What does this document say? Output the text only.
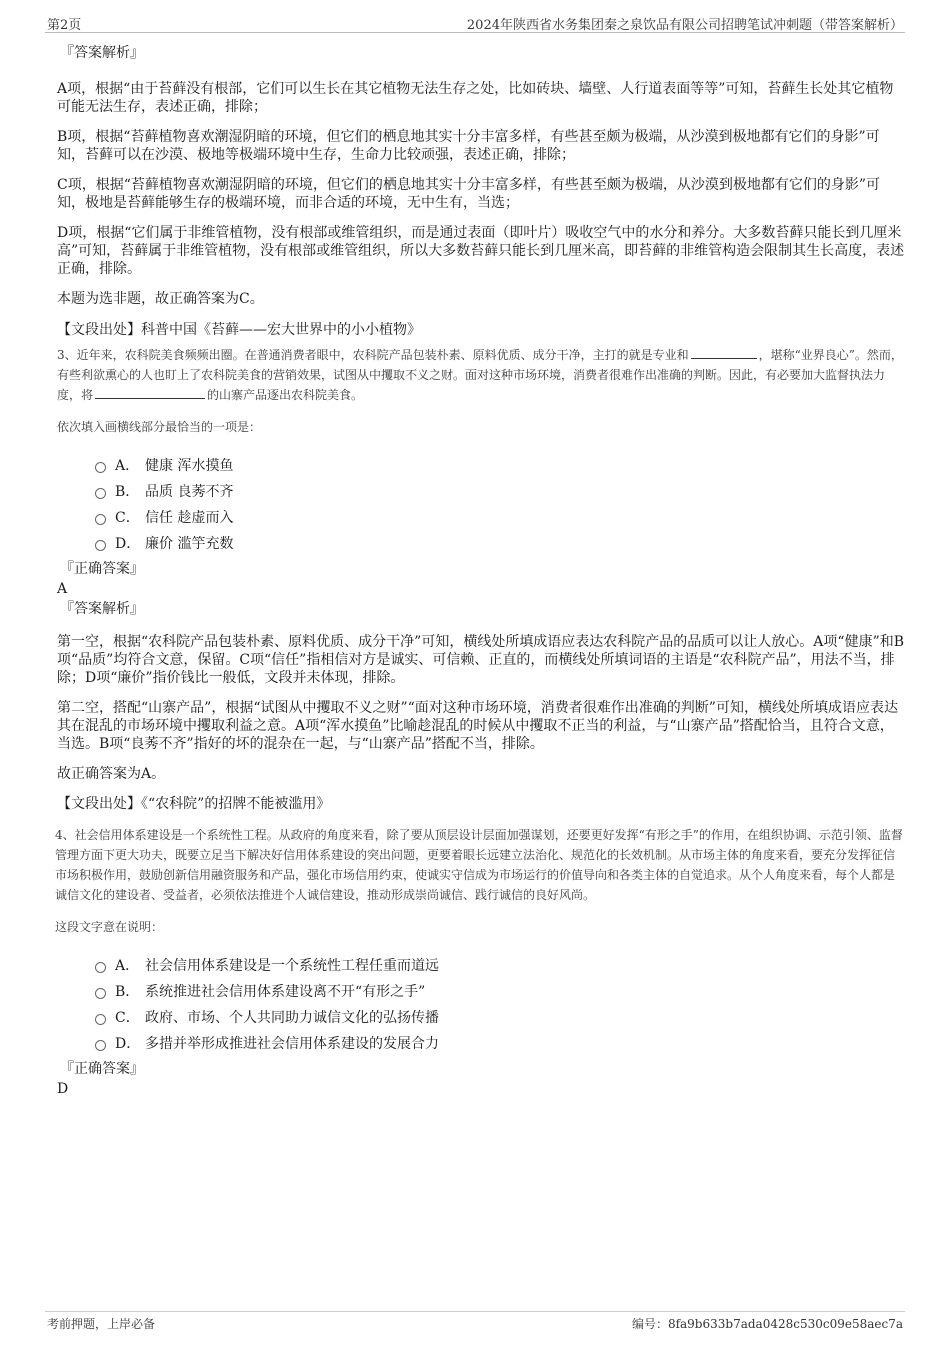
第2页	2024年陕西省水务集团秦之泉饮品有限公司招聘笔试冲刺题（带答案解析）

『答案解析』

A项，根据“由于苔藓没有根部，它们可以生长在其它植物无法生存之处，比如砖块、墙壁、人行道表面等等”可知，苔藓生长处其它植物可能无法生存，表述正确，排除；

B项，根据“苔藓植物喜欢潮湿阴暗的环境，但它们的栖息地其实十分丰富多样，有些甚至颇为极端，从沙漠到极地都有它们的身影”可知，苔藓可以在沙漠、极地等极端环境中生存，生命力比较顽强，表述正确，排除；

C项，根据“苔藓植物喜欢潮湿阴暗的环境，但它们的栖息地其实十分丰富多样，有些甚至颇为极端，从沙漠到极地都有它们的身影”可知，极地是苔藓能够生存的极端环境，而非合适的环境，无中生有，当选；

D项，根据“它们属于非维管植物，没有根部或维管组织，而是通过表面（即叶片）吸收空气中的水分和养分。大多数苔藓只能长到几厘米高”可知，苔藓属于非维管植物，没有根部或维管组织，所以大多数苔藓只能长到几厘米高，即苔藓的非维管构造会限制其生长高度，表述正确，排除。

本题为选非题，故正确答案为C。

【文段出处】科普中国《苔藓——宏大世界中的小小植物》

3、近年来，农科院美食频频出圈。在普通消费者眼中，农科院产品包装朴素、原料优质、成分干净，主打的就是专业和	，堪称“业界良心”。然而，有些利欲熏心的人也盯上了农科院美食的营销效果，试图从中攫取不义之财。面对这种市场环境，消费者很难作出准确的判断。因此，有必要加大监督执法力度，将	的山寨产品逐出农科院美食。

依次填入画横线部分最恰当的一项是：

A． 健康 浑水摸鱼
B． 品质 良莠不齐
C． 信任 趁虚而入
D． 廉价 滥竽充数

『正确答案』

A

『答案解析』

第一空，根据“农科院产品包装朴素、原料优质、成分干净”可知，横线处所填成语应表达农科院产品的品质可以让人放心。A项“健康”和B项“品质”均符合文意，保留。C项“信任”指相信对方是诚实、可信赖、正直的，而横线处所填词语的主语是“农科院产品”，用法不当，排除；D项“廉价”指价钱比一般低，文段并未体现，排除。

第二空，搭配“山寨产品”，根据“试图从中攫取不义之财”“面对这种市场环境，消费者很难作出准确的判断”可知，横线处所填成语应表达其在混乱的市场环境中攫取利益之意。A项“浑水摸鱼”比喻趁混乱的时候从中攫取不正当的利益，与“山寨产品”搭配恰当，且符合文意，当选。B项“良莠不齐”指好的坏的混杂在一起，与“山寨产品”搭配不当，排除。

故正确答案为A。

【文段出处】《“农科院”的招牌不能被滥用》

4、社会信用体系建设是一个系统性工程。从政府的角度来看，除了要从顶层设计层面加强谋划，还要更好发挥“有形之手”的作用，在组织协调、示范引领、监督管理方面下更大功夫，既要立足当下解决好信用体系建设的突出问题，更要着眼长远建立法治化、规范化的长效机制。从市场主体的角度来看，要充分发挥征信市场积极作用，鼓励创新信用融资服务和产品，强化市场信用约束，使诚实守信成为市场运行的价值导向和各类主体的自觉追求。从个人角度来看，每个人都是诚信文化的建设者、受益者，必须依法推进个人诚信建设，推动形成崇尚诚信、践行诚信的良好风尚。

这段文字意在说明：

A． 社会信用体系建设是一个系统性工程任重而道远
B． 系统推进社会信用体系建设离不开“有形之手”
C． 政府、市场、个人共同助力诚信文化的弘扬传播
D． 多措并举形成推进社会信用体系建设的发展合力

『正确答案』

D

考前押题，上岸必备	编号：8fa9b633b7ada0428c530c09e58aec7a
